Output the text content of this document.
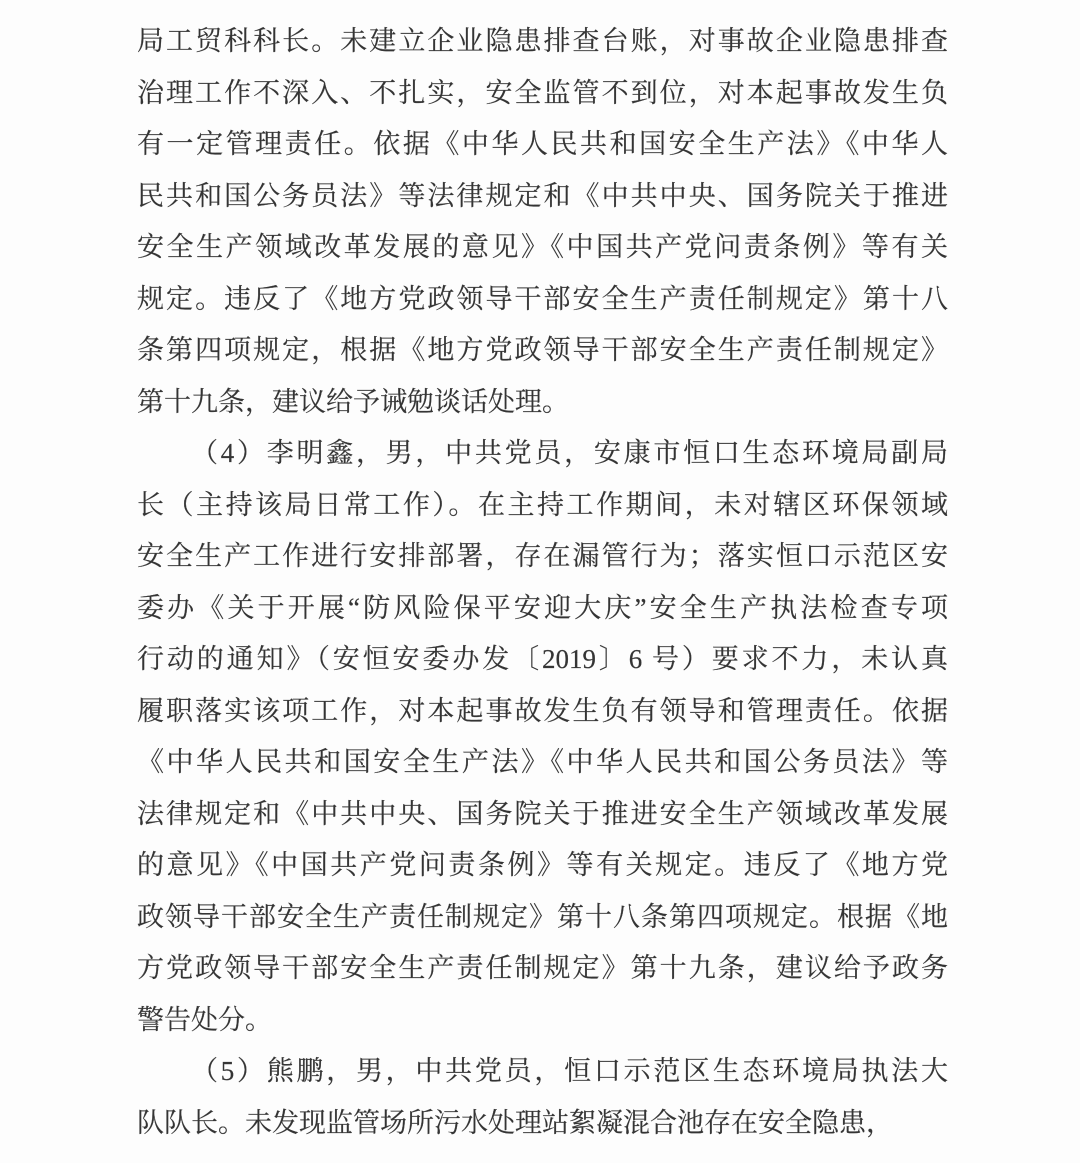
局工贸科科长。未建立企业隐患排查台账，对事故企业隐患排查
治理工作不深入、不扎实，安全监管不到位，对本起事故发生负
有一定管理责任。依据《中华人民共和国安全生产法》《中华人
民共和国公务员法》等法律规定和《中共中央、国务院关于推进
安全生产领域改革发展的意见》《中国共产党问责条例》等有关
规定。违反了《地方党政领导干部安全生产责任制规定》第十八
条第四项规定，根据《地方党政领导干部安全生产责任制规定》
第十九条，建议给予诫勉谈话处理。
（4）李明鑫，男，中共党员，安康市恒口生态环境局副局
长（主持该局日常工作）。在主持工作期间，未对辖区环保领域
安全生产工作进行安排部署，存在漏管行为；落实恒口示范区安
委办《关于开展“防风险保平安迎大庆”安全生产执法检查专项
行动的通知》（安恒安委办发〔2019〕6 号）要求不力，未认真
履职落实该项工作，对本起事故发生负有领导和管理责任。依据
《中华人民共和国安全生产法》《中华人民共和国公务员法》等
法律规定和《中共中央、国务院关于推进安全生产领域改革发展
的意见》《中国共产党问责条例》等有关规定。违反了《地方党
政领导干部安全生产责任制规定》第十八条第四项规定。根据《地
方党政领导干部安全生产责任制规定》第十九条，建议给予政务
警告处分。
（5）熊鹏，男，中共党员，恒口示范区生态环境局执法大
队队长。未发现监管场所污水处理站絮凝混合池存在安全隐患，
